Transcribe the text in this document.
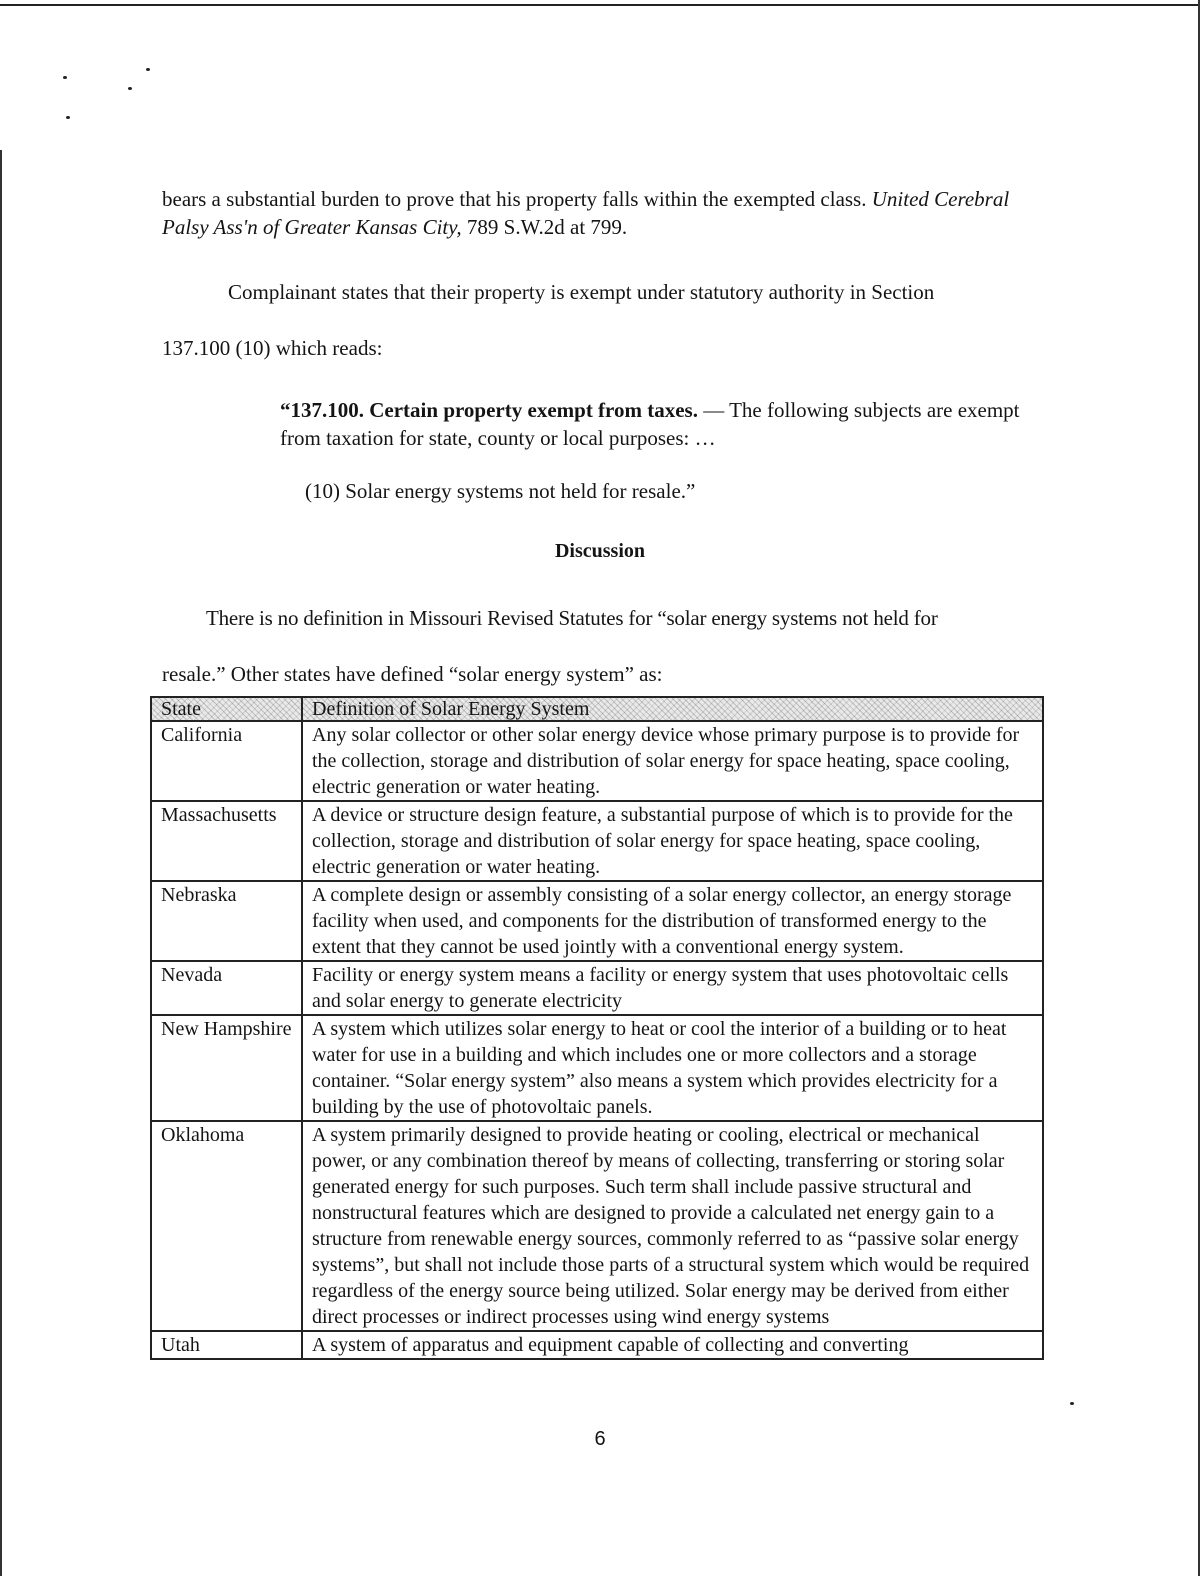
bears a substantial burden to prove that his property falls within the exempted class. United Cerebral Palsy Ass'n of Greater Kansas City, 789 S.W.2d at 799.

Complainant states that their property is exempt under statutory authority in Section
137.100 (10) which reads:

“137.100. Certain property exempt from taxes. — The following subjects are exempt from taxation for state, county or local purposes: …

(10) Solar energy systems not held for resale.”

Discussion

There is no definition in Missouri Revised Statutes for “solar energy systems not held for
resale.” Other states have defined “solar energy system” as:

State	Definition of Solar Energy System
California	Any solar collector or other solar energy device whose primary purpose is to provide for the collection, storage and distribution of solar energy for space heating, space cooling, electric generation or water heating.
Massachusetts	A device or structure design feature, a substantial purpose of which is to provide for the collection, storage and distribution of solar energy for space heating, space cooling, electric generation or water heating.
Nebraska	A complete design or assembly consisting of a solar energy collector, an energy storage facility when used, and components for the distribution of transformed energy to the extent that they cannot be used jointly with a conventional energy system.
Nevada	Facility or energy system means a facility or energy system that uses photovoltaic cells and solar energy to generate electricity
New Hampshire	A system which utilizes solar energy to heat or cool the interior of a building or to heat water for use in a building and which includes one or more collectors and a storage container. “Solar energy system” also means a system which provides electricity for a building by the use of photovoltaic panels.
Oklahoma	A system primarily designed to provide heating or cooling, electrical or mechanical power, or any combination thereof by means of collecting, transferring or storing solar generated energy for such purposes. Such term shall include passive structural and nonstructural features which are designed to provide a calculated net energy gain to a structure from renewable energy sources, commonly referred to as “passive solar energy systems”, but shall not include those parts of a structural system which would be required regardless of the energy source being utilized. Solar energy may be derived from either direct processes or indirect processes using wind energy systems
Utah	A system of apparatus and equipment capable of collecting and converting
6
